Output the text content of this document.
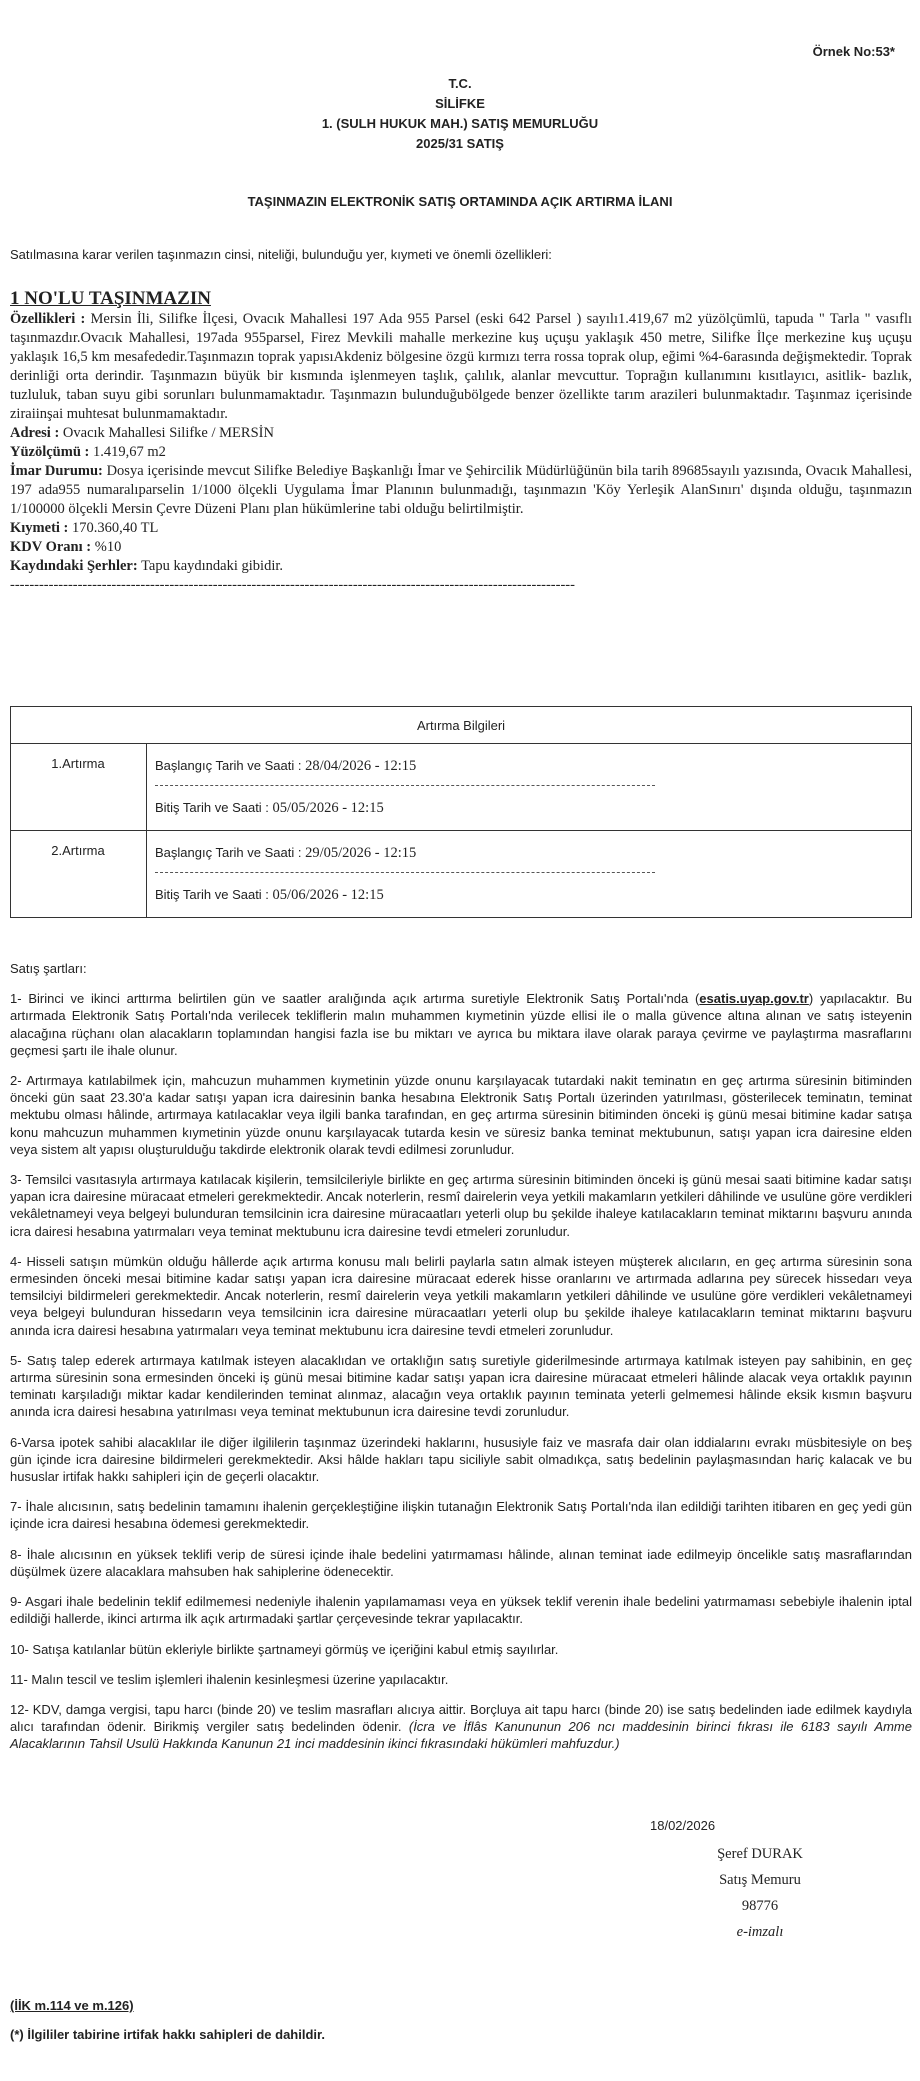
Örnek No:53*
T.C.
SİLİFKE
1. (SULH HUKUK MAH.) SATIŞ MEMURLUĞU
2025/31 SATIŞ
TAŞINMAZIN ELEKTRONİK SATIŞ ORTAMINDA AÇIK ARTIRMA İLANI
Satılmasına karar verilen taşınmazın cinsi, niteliği, bulunduğu yer, kıymeti ve önemli özellikleri:
1 NO'LU TAŞINMAZIN
Özellikleri : Mersin İli, Silifke İlçesi, Ovacık Mahallesi 197 Ada 955 Parsel (eski 642 Parsel ) sayılı1.419,67 m2 yüzölçümlü, tapuda " Tarla " vasıflı taşınmazdır.Ovacık Mahallesi, 197ada 955parsel, Firez Mevkili mahalle merkezine kuş uçuşu yaklaşık 450 metre, Silifke İlçe merkezine kuş uçuşu yaklaşık 16,5 km mesafededir.Taşınmazın toprak yapısıAkdeniz bölgesine özgü kırmızı terra rossa toprak olup, eğimi %4-6arasında değişmektedir. Toprak derinliği orta derindir. Taşınmazın büyük bir kısmında işlenmeyen taşlık, çalılık, alanlar mevcuttur. Toprağın kullanımını kısıtlayıcı, asitlik- bazlık, tuzluluk, taban suyu gibi sorunları bulunmamaktadır. Taşınmazın bulunduğubölgede benzer özellikte tarım arazileri bulunmaktadır. Taşınmaz içerisinde ziraiinşai muhtesat bulunmamaktadır.
Adresi : Ovacık Mahallesi Silifke / MERSİN
Yüzölçümü : 1.419,67 m2
İmar Durumu: Dosya içerisinde mevcut Silifke Belediye Başkanlığı İmar ve Şehircilik Müdürlüğünün bila tarih 89685sayılı yazısında, Ovacık Mahallesi, 197 ada955 numaralıparselin 1/1000 ölçekli Uygulama İmar Planının bulunmadığı, taşınmazın 'Köy Yerleşik AlanSınırı' dışında olduğu, taşınmazın 1/100000 ölçekli Mersin Çevre Düzeni Planı plan hükümlerine tabi olduğu belirtilmiştir.
Kıymeti : 170.360,40 TL
KDV Oranı : %10
Kaydındaki Şerhler: Tapu kaydındaki gibidir.
---------------------------------------------------------------------------------------------------------------------
Artırma Bilgileri	
1.Artırma	Başlangıç Tarih ve Saati : 28/04/2026 - 12:15
Bitiş Tarih ve Saati : 05/05/2026 - 12:15

2.Artırma	Başlangıç Tarih ve Saati : 29/05/2026 - 12:15
Bitiş Tarih ve Saati : 05/06/2026 - 12:15

Satış şartları:

1- Birinci ve ikinci arttırma belirtilen gün ve saatler aralığında açık artırma suretiyle Elektronik Satış Portalı'nda (esatis.uyap.gov.tr) yapılacaktır. Bu artırmada Elektronik Satış Portalı'nda verilecek tekliflerin malın muhammen kıymetinin yüzde ellisi ile o malla güvence altına alınan ve satış isteyenin alacağına rüçhanı olan alacakların toplamından hangisi fazla ise bu miktarı ve ayrıca bu miktara ilave olarak paraya çevirme ve paylaştırma masraflarını geçmesi şartı ile ihale olunur.

2- Artırmaya katılabilmek için, mahcuzun muhammen kıymetinin yüzde onunu karşılayacak tutardaki nakit teminatın en geç artırma süresinin bitiminden önceki gün saat 23.30'a kadar satışı yapan icra dairesinin banka hesabına Elektronik Satış Portalı üzerinden yatırılması, gösterilecek teminatın, teminat mektubu olması hâlinde, artırmaya katılacaklar veya ilgili banka tarafından, en geç artırma süresinin bitiminden önceki iş günü mesai bitimine kadar satışa konu mahcuzun muhammen kıymetinin yüzde onunu karşılayacak tutarda kesin ve süresiz banka teminat mektubunun, satışı yapan icra dairesine elden veya sistem alt yapısı oluşturulduğu takdirde elektronik olarak tevdi edilmesi zorunludur.

3- Temsilci vasıtasıyla artırmaya katılacak kişilerin, temsilcileriyle birlikte en geç artırma süresinin bitiminden önceki iş günü mesai saati bitimine kadar satışı yapan icra dairesine müracaat etmeleri gerekmektedir. Ancak noterlerin, resmî dairelerin veya yetkili makamların yetkileri dâhilinde ve usulüne göre verdikleri vekâletnameyi veya belgeyi bulunduran temsilcinin icra dairesine müracaatları yeterli olup bu şekilde ihaleye katılacakların teminat miktarını başvuru anında icra dairesi hesabına yatırmaları veya teminat mektubunu icra dairesine tevdi etmeleri zorunludur.

4- Hisseli satışın mümkün olduğu hâllerde açık artırma konusu malı belirli paylarla satın almak isteyen müşterek alıcıların, en geç artırma süresinin sona ermesinden önceki mesai bitimine kadar satışı yapan icra dairesine müracaat ederek hisse oranlarını ve artırmada adlarına pey sürecek hissedarı veya temsilciyi bildirmeleri gerekmektedir. Ancak noterlerin, resmî dairelerin veya yetkili makamların yetkileri dâhilinde ve usulüne göre verdikleri vekâletnameyi veya belgeyi bulunduran hissedarın veya temsilcinin icra dairesine müracaatları yeterli olup bu şekilde ihaleye katılacakların teminat miktarını başvuru anında icra dairesi hesabına yatırmaları veya teminat mektubunu icra dairesine tevdi etmeleri zorunludur.

5- Satış talep ederek artırmaya katılmak isteyen alacaklıdan ve ortaklığın satış suretiyle giderilmesinde artırmaya katılmak isteyen pay sahibinin, en geç artırma süresinin sona ermesinden önceki iş günü mesai bitimine kadar satışı yapan icra dairesine müracaat etmeleri hâlinde alacak veya ortaklık payının teminatı karşıladığı miktar kadar kendilerinden teminat alınmaz, alacağın veya ortaklık payının teminata yeterli gelmemesi hâlinde eksik kısmın başvuru anında icra dairesi hesabına yatırılması veya teminat mektubunun icra dairesine tevdi zorunludur.

6-Varsa ipotek sahibi alacaklılar ile diğer ilgililerin taşınmaz üzerindeki haklarını, hususiyle faiz ve masrafa dair olan iddialarını evrakı müsbitesiyle on beş gün içinde icra dairesine bildirmeleri gerekmektedir. Aksi hâlde hakları tapu siciliyle sabit olmadıkça, satış bedelinin paylaşmasından hariç kalacak ve bu hususlar irtifak hakkı sahipleri için de geçerli olacaktır.

7- İhale alıcısının, satış bedelinin tamamını ihalenin gerçekleştiğine ilişkin tutanağın Elektronik Satış Portalı'nda ilan edildiği tarihten itibaren en geç yedi gün içinde icra dairesi hesabına ödemesi gerekmektedir.

8- İhale alıcısının en yüksek teklifi verip de süresi içinde ihale bedelini yatırmaması hâlinde, alınan teminat iade edilmeyip öncelikle satış masraflarından düşülmek üzere alacaklara mahsuben hak sahiplerine ödenecektir.

9- Asgari ihale bedelinin teklif edilmemesi nedeniyle ihalenin yapılamaması veya en yüksek teklif verenin ihale bedelini yatırmaması sebebiyle ihalenin iptal edildiği hallerde, ikinci artırma ilk açık artırmadaki şartlar çerçevesinde tekrar yapılacaktır.

10- Satışa katılanlar bütün ekleriyle birlikte şartnameyi görmüş ve içeriğini kabul etmiş sayılırlar.

11- Malın tescil ve teslim işlemleri ihalenin kesinleşmesi üzerine yapılacaktır.

12- KDV, damga vergisi, tapu harcı (binde 20) ve teslim masrafları alıcıya aittir. Borçluya ait tapu harcı (binde 20) ise satış bedelinden iade edilmek kaydıyla alıcı tarafından ödenir. Birikmiş vergiler satış bedelinden ödenir. (İcra ve İflâs Kanununun 206 ncı maddesinin birinci fıkrası ile 6183 sayılı Amme Alacaklarının Tahsil Usulü Hakkında Kanunun 21 inci maddesinin ikinci fıkrasındaki hükümleri mahfuzdur.)

18/02/2026
Şeref DURAK
Satış Memuru
98776
e-imzalı
(İİK m.114 ve m.126)
(*) İlgililer tabirine irtifak hakkı sahipleri de dahildir.
